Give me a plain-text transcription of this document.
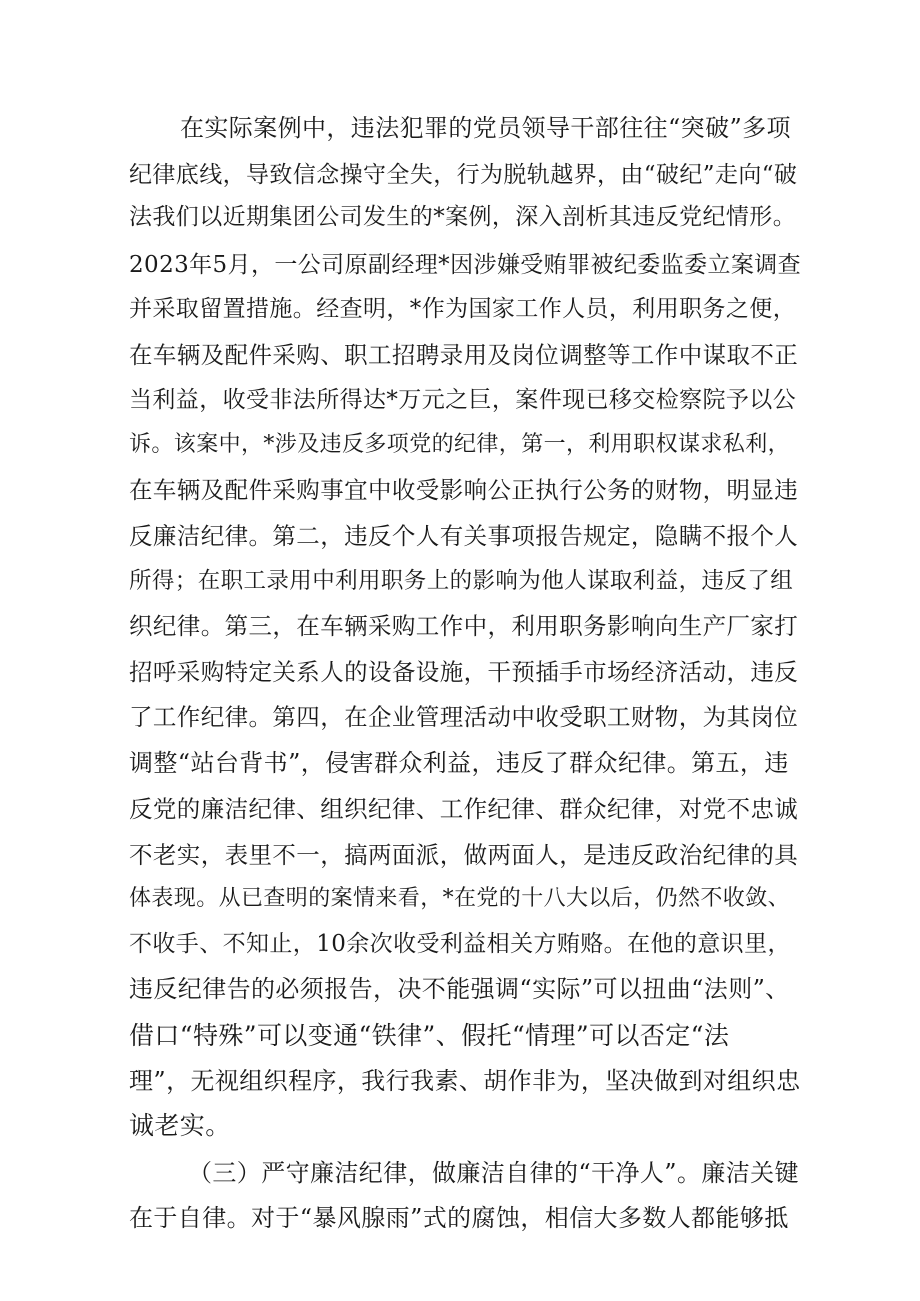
在实际案例中，违法犯罪的党员领导干部往往“突破”多项
纪律底线，导致信念操守全失，行为脱轨越界，由“破纪”走向“破
法我们以近期集团公司发生的*案例，深入剖析其违反党纪情形。
2023年5月，一公司原副经理*因涉嫌受贿罪被纪委监委立案调查
并采取留置措施。经查明，*作为国家工作人员，利用职务之便，
在车辆及配件采购、职工招聘录用及岗位调整等工作中谋取不正
当利益，收受非法所得达*万元之巨，案件现已移交检察院予以公
诉。该案中，*涉及违反多项党的纪律，第一，利用职权谋求私利，
在车辆及配件采购事宜中收受影响公正执行公务的财物，明显违
反廉洁纪律。第二，违反个人有关事项报告规定，隐瞒不报个人
所得；在职工录用中利用职务上的影响为他人谋取利益，违反了组
织纪律。第三，在车辆采购工作中，利用职务影响向生产厂家打
招呼采购特定关系人的设备设施，干预插手市场经济活动，违反
了工作纪律。第四，在企业管理活动中收受职工财物，为其岗位
调整“站台背书”，侵害群众利益，违反了群众纪律。第五，违
反党的廉洁纪律、组织纪律、工作纪律、群众纪律，对党不忠诚
不老实，表里不一，搞两面派，做两面人，是违反政治纪律的具
体表现。从已查明的案情来看，*在党的十八大以后，仍然不收敛、
不收手、不知止，10余次收受利益相关方贿赂。在他的意识里，
违反纪律告的必须报告，决不能强调“实际”可以扭曲“法则”、
借口“特殊”可以变通“铁律”、假托“情理”可以否定“法
理”，无视组织程序，我行我素、胡作非为，坚决做到对组织忠
诚老实。
（三）严守廉洁纪律，做廉洁自律的“干净人”。廉洁关键
在于自律。对于“暴风腺雨”式的腐蚀，相信大多数人都能够抵
